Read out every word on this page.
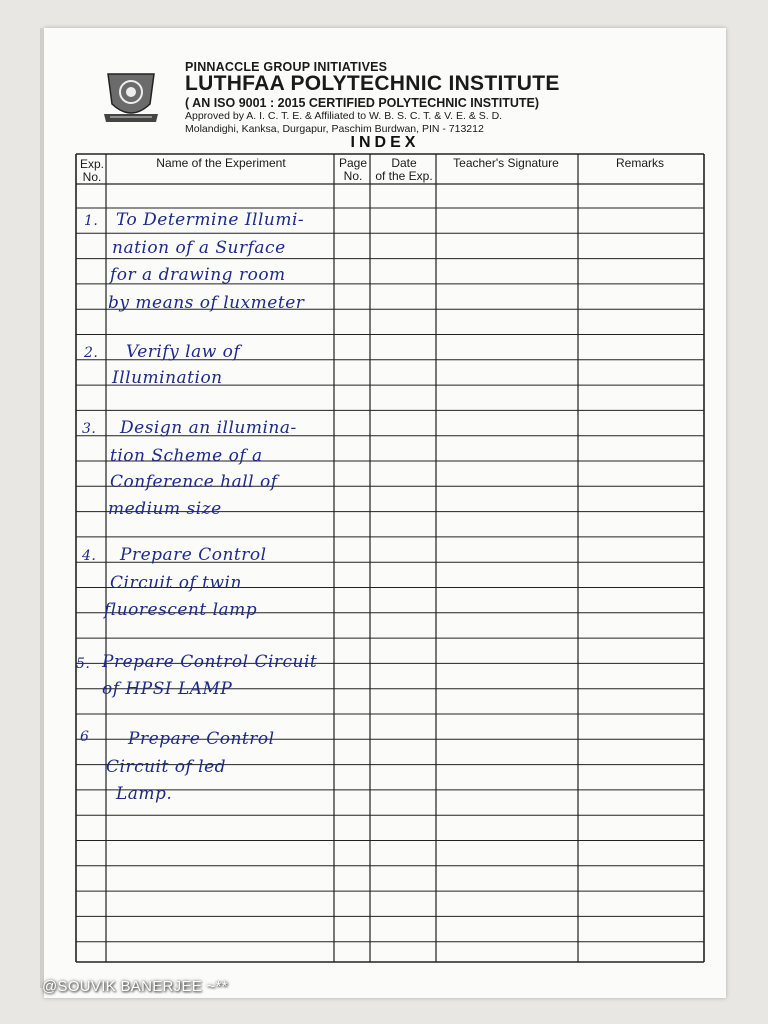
PINNACCLE GROUP INITIATIVES
LUTHFAA POLYTECHNIC INSTITUTE
( AN ISO 9001 : 2015 CERTIFIED POLYTECHNIC INSTITUTE)
Approved by A. I. C. T. E. & Affiliated to W. B. S. C. T. & V. E. & S. D.
Molandighi, Kanksa, Durgapur, Paschim Burdwan, PIN - 713212
INDEX
Exp.
No.
Name of the Experiment	Page
No.
Date
of the Exp.
Teacher's Signature	Remarks
1. To Determine Illumi-
nation of a Surface
for a drawing room
by means of luxmeter
2. Verify law of
Illumination
3. Design an illumina-
tion Scheme of a
Conference hall of
medium size
4. Prepare Control
Circuit of twin
fluorescent lamp
5. Prepare Control Circuit
of HPSI LAMP
6 Prepare Control
Circuit of led
Lamp.
@SOUVIK BANERJEE ~**
